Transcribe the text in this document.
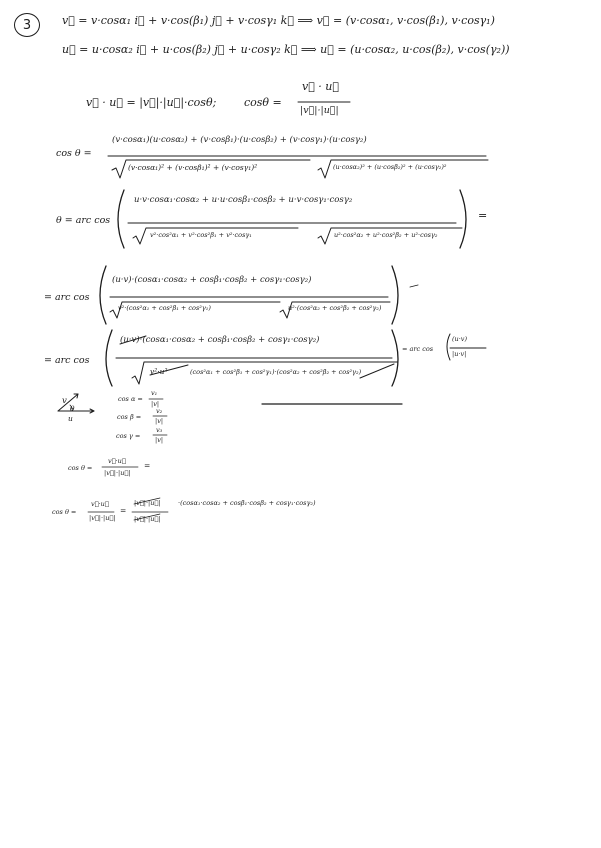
3	v⃗ = v·cosα₁ i⃗ + v·cos(β₁) j⃗ + v·cosγ₁ k⃗ ⟹ v⃗ = (v·cosα₁, v·cos(β₁), v·cosγ₁)
u⃗ = u·cosα₂ i⃗ + u·cos(β₂) j⃗ + u·cosγ₂ k⃗ ⟹ u⃗ = (u·cosα₂, u·cos(β₂), v·cos(γ₂))
v⃗ · u⃗ = |v⃗|·|u⃗|·cosθ;	cosθ =
v⃗ · u⃗
|v⃗|·|u⃗|
cos θ =
(v·cosα₁)(u·cosα₂) + (v·cosβ₁)·(u·cosβ₂) + (v·cosγ₁)·(u·cosγ₂)
(v·cosα₁)² + (v·cosβ₁)² + (v·cosγ₁)²	(u·cosα₂)² + (u·cosβ₂)² + (u·cosγ₂)²
θ = arc cos
u·v·cosα₁·cosα₂ + u·u·cosβ₁·cosβ₂ + u·v·cosγ₁·cosγ₂
v²·cos²α₁ + v²·cos²β₁ + v²·cosγ₁	u²·cos²α₂ + u²·cos²β₂ + u²·cosγ₂
=
= arc cos
(u·v)·(cosα₁·cosα₂ + cosβ₁·cosβ₂ + cosγ₁·cosγ₂)
v²·(cos²α₁ + cos²β₁ + cos²γ₁)	u²·(cos²α₂ + cos²β₂ + cos²γ₂)
= arc cos
(u·v)·(cosα₁·cosα₂ + cosβ₁·cosβ₂ + cosγ₁·cosγ₂)
v²·u²	(cos²α₁ + cos²β₁ + cos²γ₁)·(cos²α₂ + cos²β₂ + cos²γ₂)
= arc cos
(u·v)
|u·v|
v
θ
u
cos α =
v₁
|v|
cos β =
v₂
|v|
cos γ =
v₃
|v|
cos θ =
v⃗·u⃗
|v⃗|·|u⃗|
=
cos θ =
v⃗·u⃗
|v⃗|·|u⃗|
=
|v⃗|·|u⃗|
|v⃗|·|u⃗|
·(cosα₁·cosα₂ + cosβ₁·cosβ₂ + cosγ₁·cosγ₂)
